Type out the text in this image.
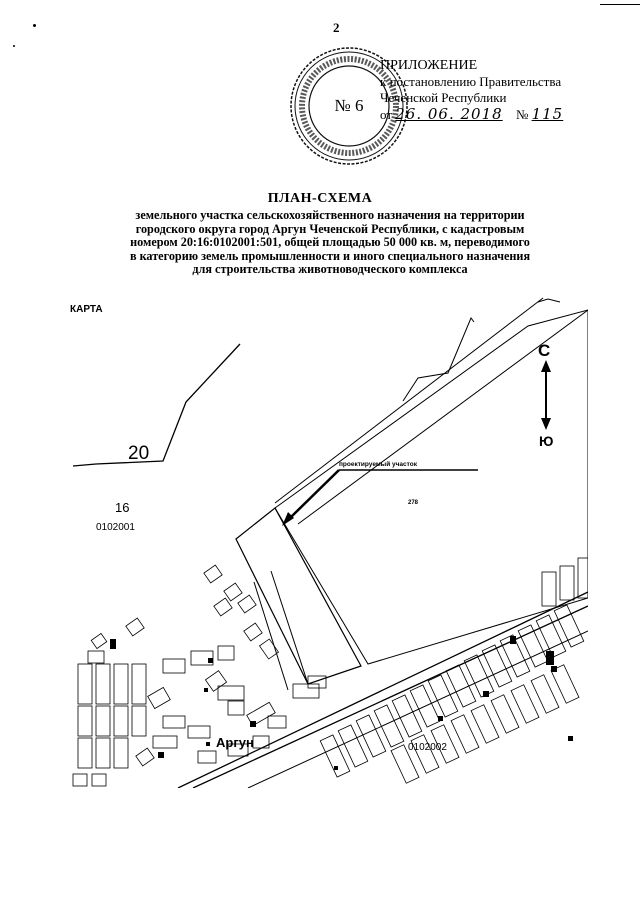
2
№ 6
ПРИЛОЖЕНИЕ
к постановлению Правительства
Чеченской Республики
от 26. 06. 2018 № 115
ПЛАН-СХЕМА
земельного участка сельскохозяйственного назначения на территории
городского округа город Аргун Чеченской Республики, с кадастровым
номером 20:16:0102001:501, общей площадью 50 000 кв. м, переводимого
в категорию земель промышленности и иного специального назначения
для строительства животноводческого комплекса
проектируемый участок
С
Ю
КАРТА
20
16
0102001
0102002
278
Аргун
